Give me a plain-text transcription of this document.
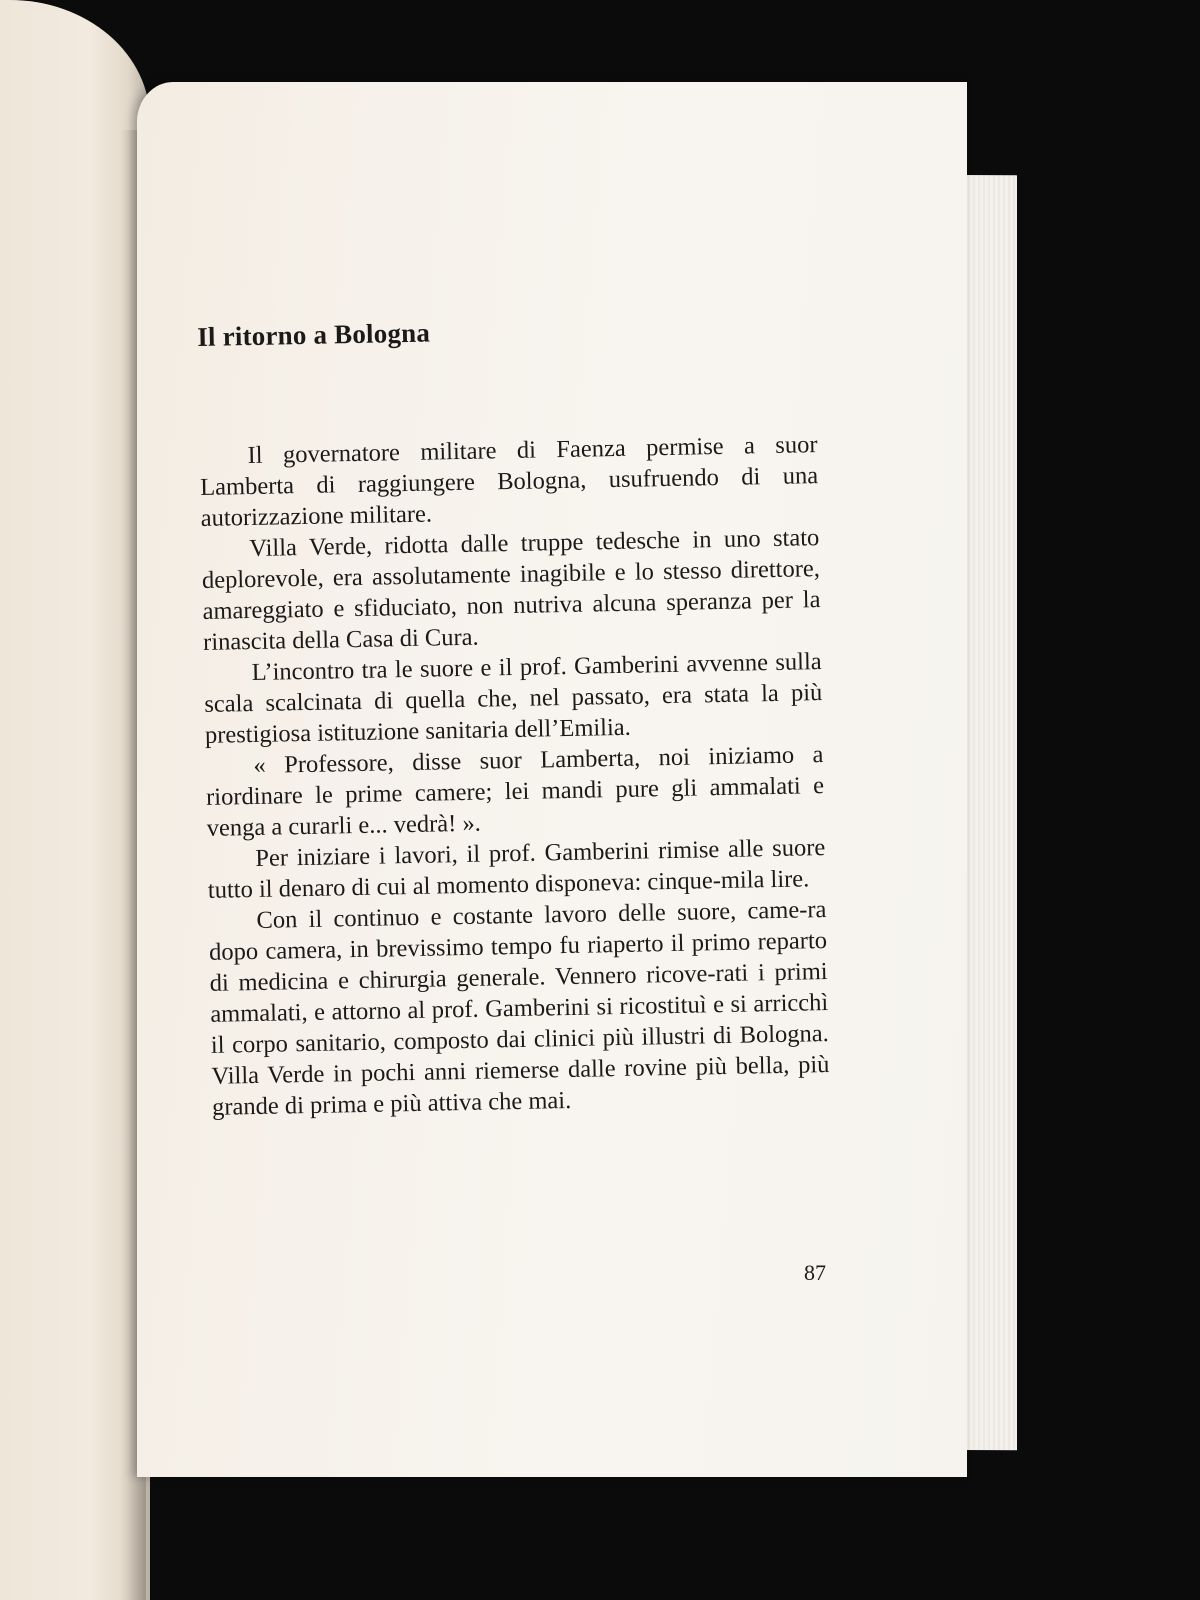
Il ritorno a Bologna

Il governatore militare di Faenza permise a suor Lamberta di raggiungere Bologna, usufruendo di una autorizzazione militare.

Villa Verde, ridotta dalle truppe tedesche in uno stato deplorevole, era assolutamente inagibile e lo stesso direttore, amareggiato e sfiduciato, non nutriva alcuna speranza per la rinascita della Casa di Cura.

L’incontro tra le suore e il prof. Gamberini avvenne sulla scala scalcinata di quella che, nel passato, era stata la più prestigiosa istituzione sanitaria dell’Emilia.

« Professore, disse suor Lamberta, noi iniziamo a riordinare le prime camere; lei mandi pure gli ammalati e venga a curarli e... vedrà! ».

Per iniziare i lavori, il prof. Gamberini rimise alle suore tutto il denaro di cui al momento disponeva: cinque-mila lire.

Con il continuo e costante lavoro delle suore, came-ra dopo camera, in brevissimo tempo fu riaperto il primo reparto di medicina e chirurgia generale. Vennero ricove-rati i primi ammalati, e attorno al prof. Gamberini si ricostituì e si arricchì il corpo sanitario, composto dai clinici più illustri di Bologna. Villa Verde in pochi anni riemerse dalle rovine più bella, più grande di prima e più attiva che mai.

87
